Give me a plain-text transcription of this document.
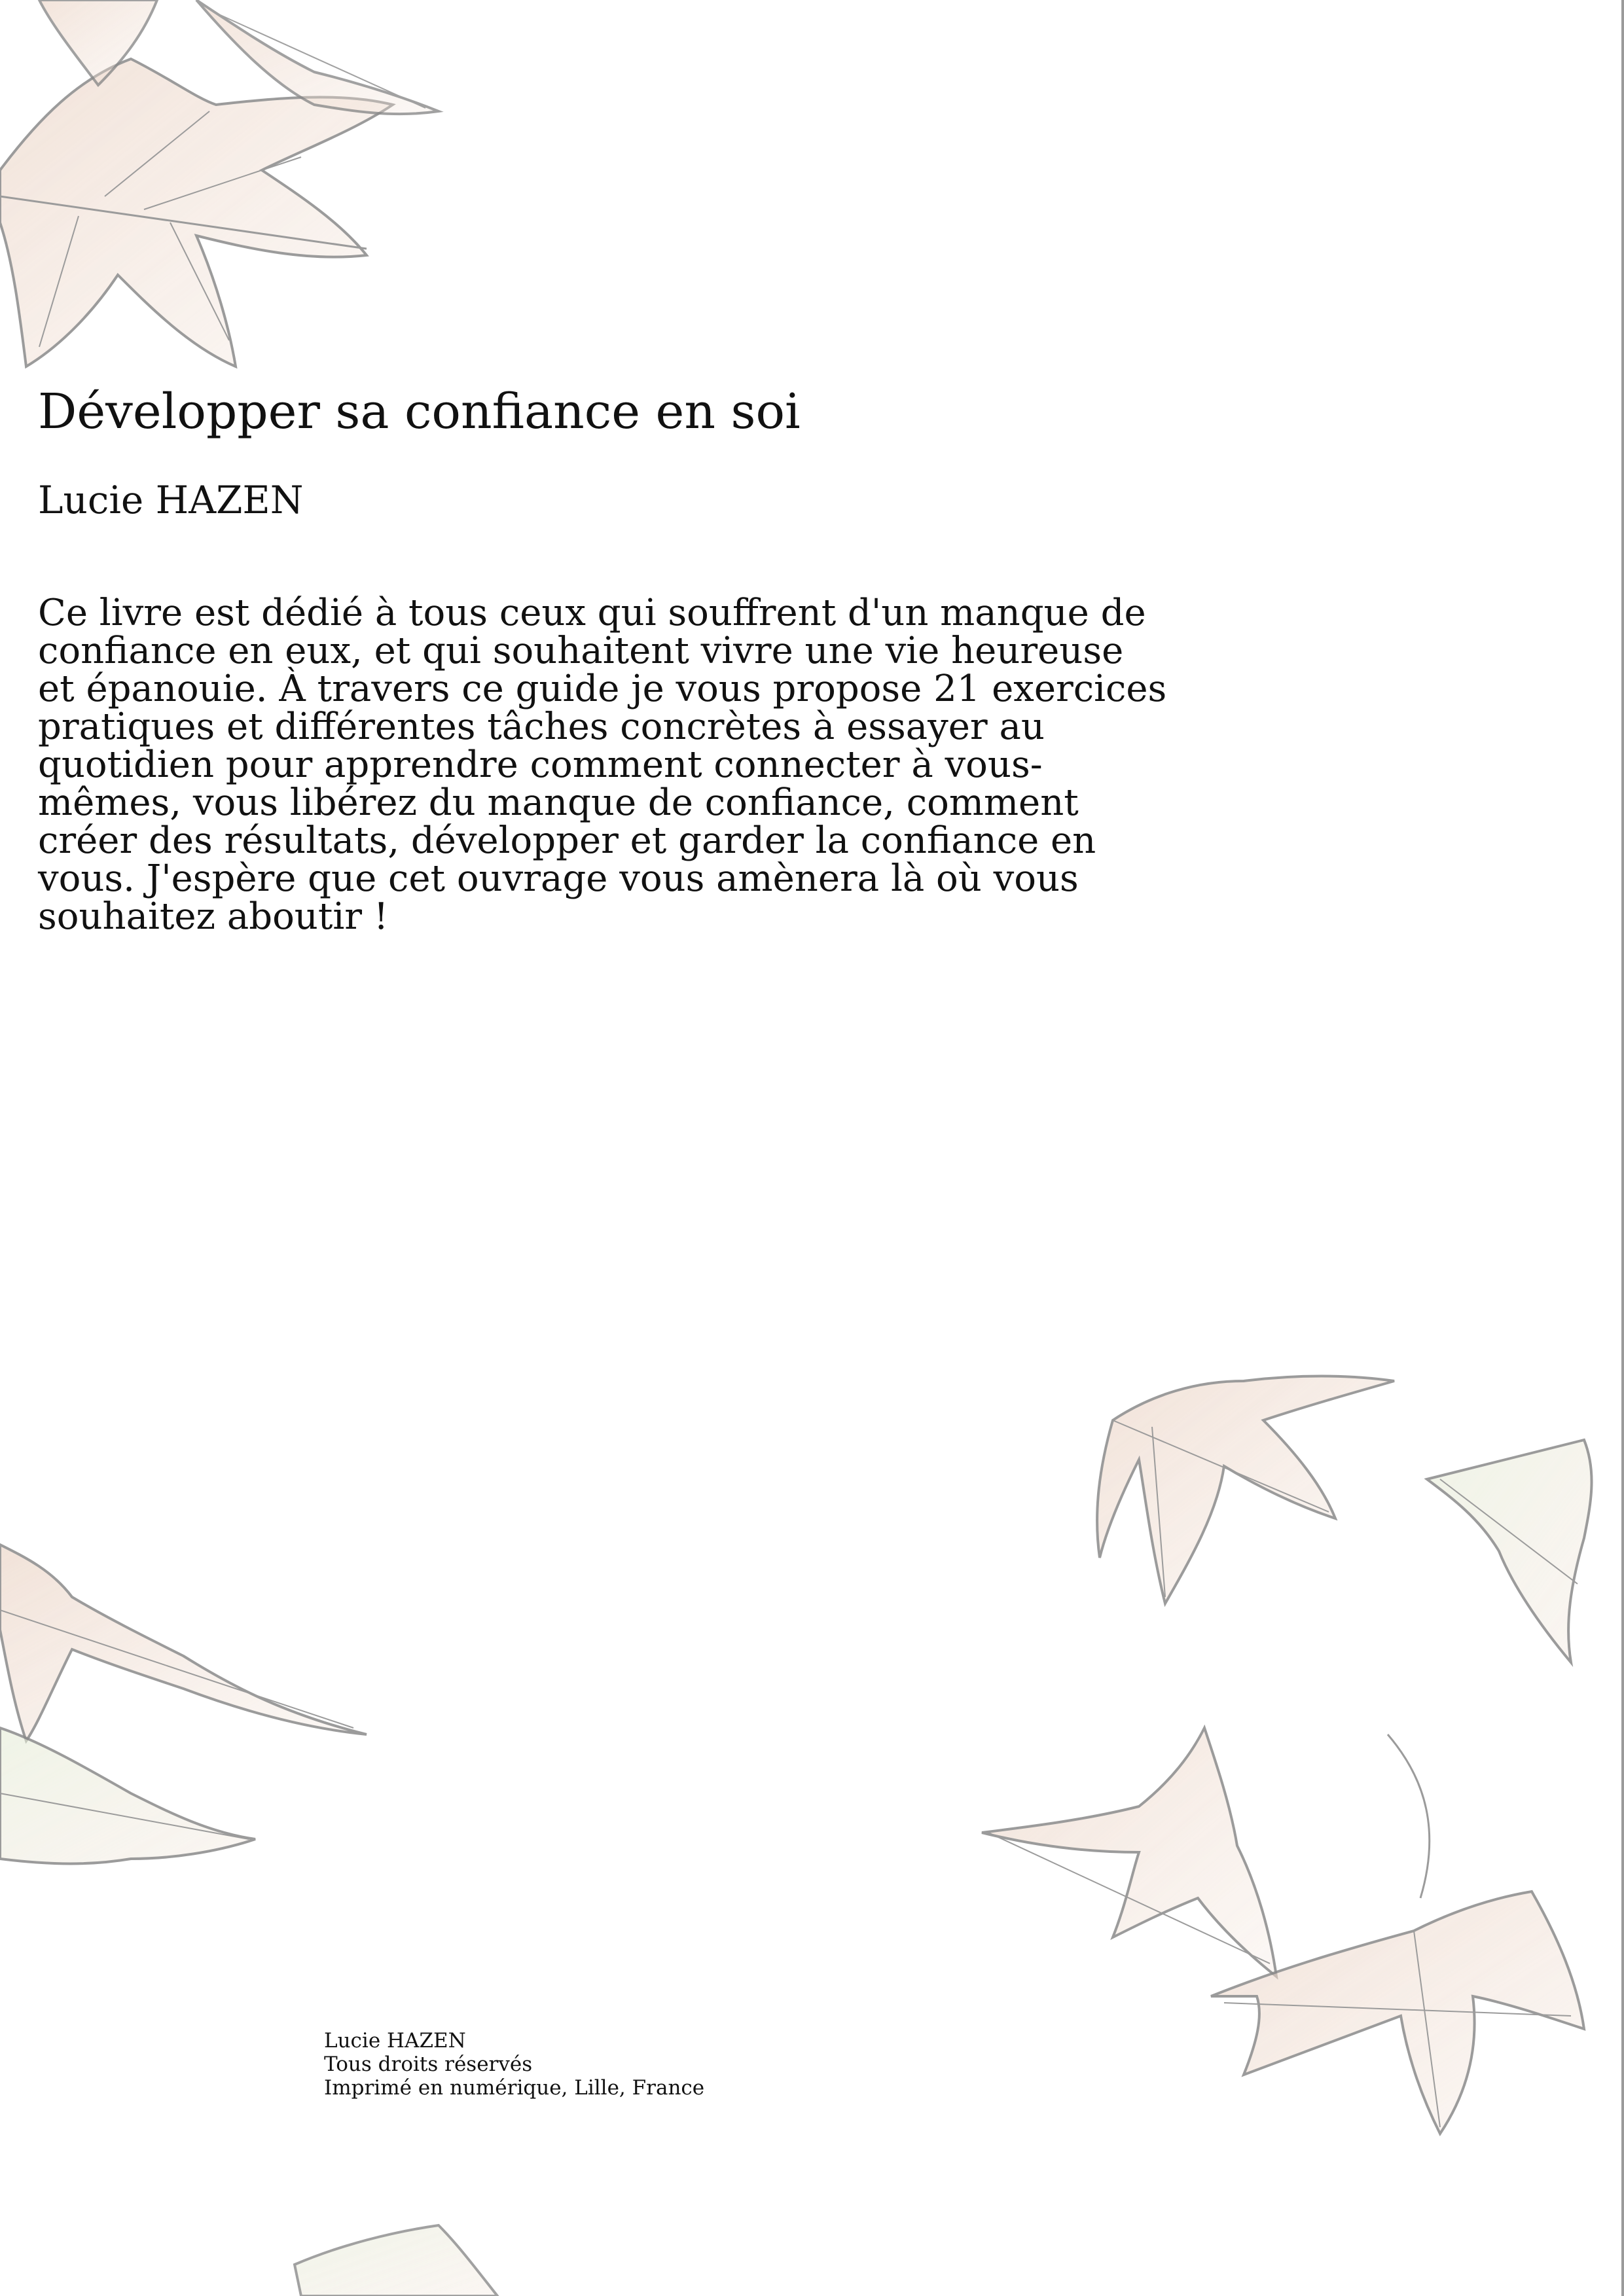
Développer sa confiance en soi

Lucie HAZEN

Ce livre est dédié à tous ceux qui souffrent d'un manque de
confiance en eux, et qui souhaitent vivre une vie heureuse
et épanouie. À travers ce guide je vous propose 21 exercices
pratiques et différentes tâches concrètes à essayer au
quotidien pour apprendre comment connecter à vous-
mêmes, vous libérez du manque de confiance, comment
créer des résultats, développer et garder la confiance en
vous. J'espère que cet ouvrage vous amènera là où vous
souhaitez aboutir !
Lucie HAZEN
Tous droits réservés
Imprimé en numérique, Lille, France
